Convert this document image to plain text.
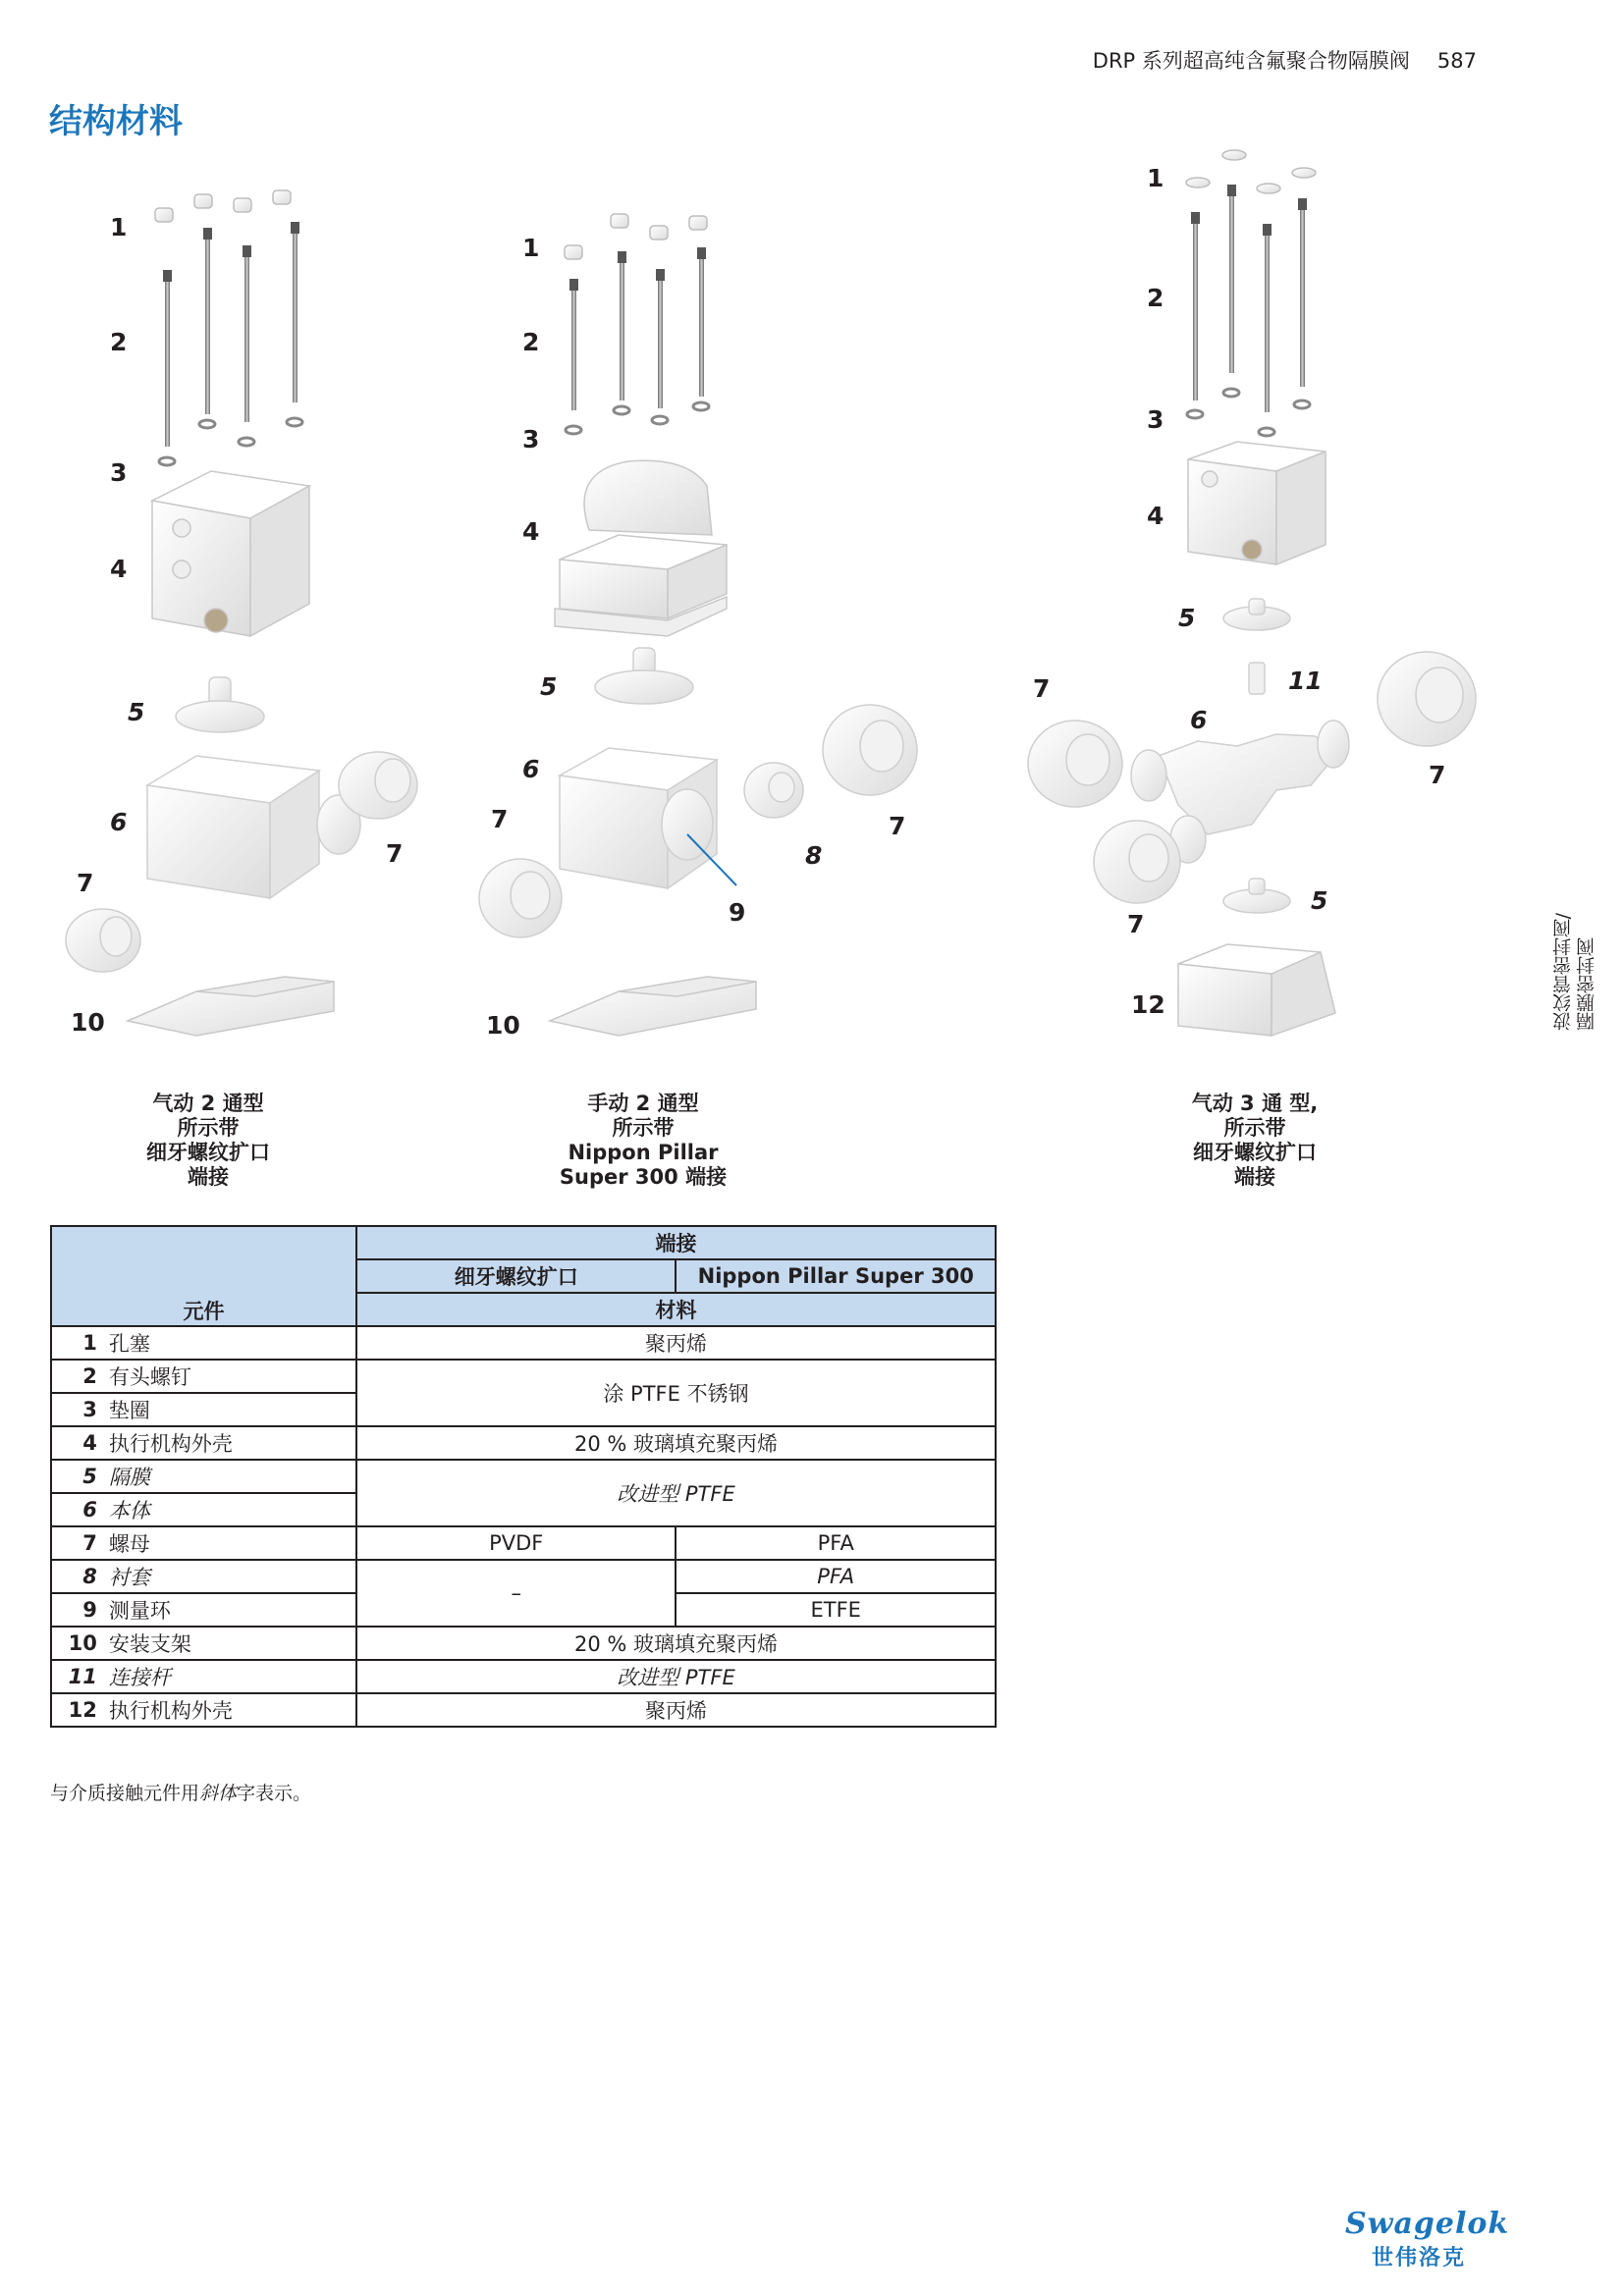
DRP 系列超高纯含氟聚合物隔膜阀 587
结构材料
波纹管密封阀/ 隔膜密封阀
1
2
3
4
5
6
7
7
10
1
2
3
4
5
6
7	7
8
9
10
1
2
3
4
5
11
6
7
7
7
5
12
气动 2 通型
所示带
细牙螺纹扩口
端接
手动 2 通型
所示带
Nippon Pillar
Super 300 端接
气动 3 通 型,
所示带
细牙螺纹扩口
端接
元件		端接	
		细牙螺纹扩口	Nippon Pillar Super 300
		材料	
1	孔塞	聚丙烯	
2	有头螺钉	涂 PTFE 不锈钢	
3	垫圈		
4	执行机构外壳	20 % 玻璃填充聚丙烯	
5	隔膜	改进型 PTFE	
6	本体		
7	螺母	PVDF	PFA
8	衬套	–	PFA
9	测量环		ETFE
10	安装支架	20 % 玻璃填充聚丙烯	
11	连接杆	改进型 PTFE	
12	执行机构外壳	聚丙烯	
与介质接触元件用斜体字表示。
Swagelok
世伟洛克
